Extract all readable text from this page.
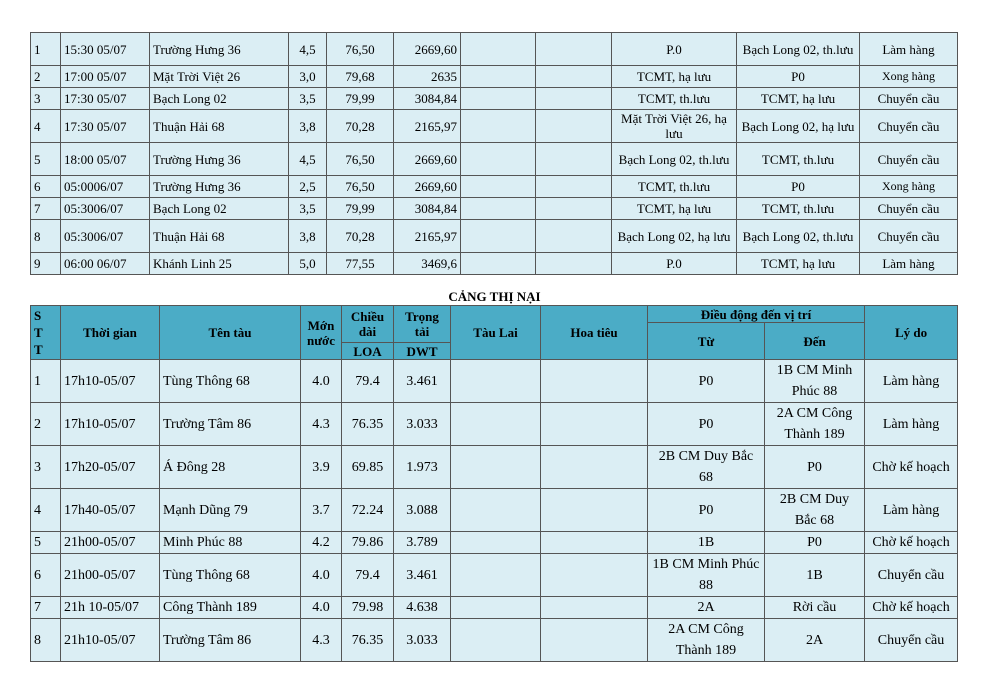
1	15:30 05/07	Trường Hưng 36	4,5	76,50	2669,60			P.0	Bạch Long 02, th.lưu	Làm hàng
2	17:00 05/07	Mặt Trời Việt 26	3,0	79,68	2635			TCMT, hạ lưu	P0	Xong hàng
3	17:30 05/07	Bạch Long 02	3,5	79,99	3084,84			TCMT, th.lưu	TCMT, hạ lưu	Chuyển cầu
4	17:30 05/07	Thuận Hải 68	3,8	70,28	2165,97			Mặt Trời Việt 26, hạ lưu	Bạch Long 02, hạ lưu	Chuyển cầu
5	18:00 05/07	Trường Hưng 36	4,5	76,50	2669,60			Bạch Long 02, th.lưu	TCMT, th.lưu	Chuyển cầu
6	05:0006/07	Trường Hưng 36	2,5	76,50	2669,60			TCMT, th.lưu	P0	Xong hàng
7	05:3006/07	Bạch Long 02	3,5	79,99	3084,84			TCMT, hạ lưu	TCMT, th.lưu	Chuyển cầu
8	05:3006/07	Thuận Hải 68	3,8	70,28	2165,97			Bạch Long 02, hạ lưu	Bạch Long 02, th.lưu	Chuyển cầu
9	06:00 06/07	Khánh Linh 25	5,0	77,55	3469,6			P.0	TCMT, hạ lưu	Làm hàng
CẢNG THỊ NẠI
S T T	Thời gian	Tên tàu	Mớn nước	Chiều dài	Trọng tải	Tàu Lai	Hoa tiêu	Điều động đến vị trí		Lý do
								Từ	Đến	
				LOA	DWT					
1	17h10-05/07	Tùng Thông 68	4.0	79.4	3.461			P0	1B CM Minh Phúc 88	Làm hàng
2	17h10-05/07	Trường Tâm 86	4.3	76.35	3.033			P0	2A CM Công Thành 189	Làm hàng
3	17h20-05/07	Á Đông 28	3.9	69.85	1.973			2B CM Duy Bắc 68	P0	Chờ kế hoạch
4	17h40-05/07	Mạnh Dũng 79	3.7	72.24	3.088			P0	2B CM Duy Bắc 68	Làm hàng
5	21h00-05/07	Minh Phúc 88	4.2	79.86	3.789			1B	P0	Chờ kế hoạch
6	21h00-05/07	Tùng Thông 68	4.0	79.4	3.461			1B CM Minh Phúc 88	1B	Chuyển cầu
7	21h 10-05/07	Công Thành 189	4.0	79.98	4.638			2A	Rời cầu	Chờ kế hoạch
8	21h10-05/07	Trường Tâm 86	4.3	76.35	3.033			2A CM Công Thành 189	2A	Chuyển cầu
